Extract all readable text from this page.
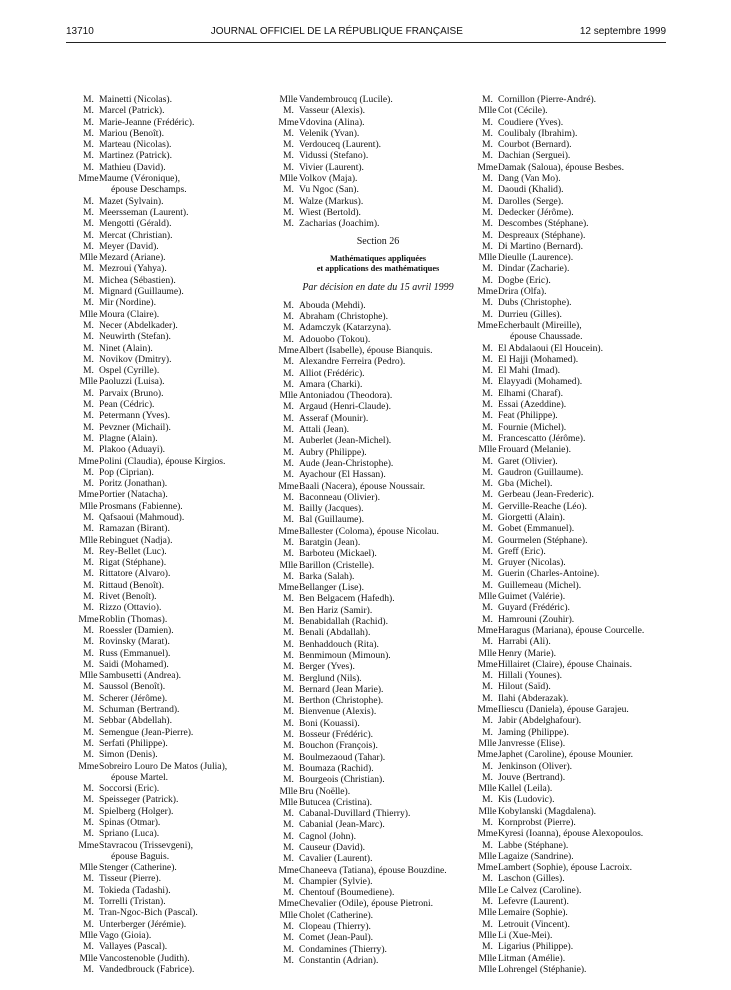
13710	JOURNAL OFFICIEL DE LA RÉPUBLIQUE FRANÇAISE	12 septembre 1999
M. Mainetti (Nicolas).
M. Marcel (Patrick).
M. Marie-Jeanne (Frédéric).
M. Mariou (Benoît).
M. Marteau (Nicolas).
M. Martinez (Patrick).
M. Mathieu (David).
Mme Maume (Véronique),
épouse Deschamps.
M. Mazet (Sylvain).
M. Meersseman (Laurent).
M. Mengotti (Gérald).
M. Mercat (Christian).
M. Meyer (David).
Mlle Mezard (Ariane).
M. Mezroui (Yahya).
M. Michea (Sébastien).
M. Mignard (Guillaume).
M. Mir (Nordine).
Mlle Moura (Claire).
M. Necer (Abdelkader).
M. Neuwirth (Stefan).
M. Ninet (Alain).
M. Novikov (Dmitry).
M. Ospel (Cyrille).
Mlle Paoluzzi (Luisa).
M. Parvaix (Bruno).
M. Pean (Cédric).
M. Petermann (Yves).
M. Pevzner (Michail).
M. Plagne (Alain).
M. Plakoo (Aduayi).
Mme Polini (Claudia), épouse Kirgios.
M. Pop (Ciprian).
M. Poritz (Jonathan).
Mme Portier (Natacha).
Mlle Prosmans (Fabienne).
M. Qafsaoui (Mahmoud).
M. Ramazan (Birant).
Mlle Rebinguet (Nadja).
M. Rey-Bellet (Luc).
M. Rigat (Stéphane).
M. Rittatore (Alvaro).
M. Rittaud (Benoît).
M. Rivet (Benoît).
M. Rizzo (Ottavio).
Mme Roblin (Thomas).
M. Roessler (Damien).
M. Rovinsky (Marat).
M. Russ (Emmanuel).
M. Saidi (Mohamed).
Mlle Sambusetti (Andrea).
M. Saussol (Benoît).
M. Scherer (Jérôme).
M. Schuman (Bertrand).
M. Sebbar (Abdellah).
M. Semengue (Jean-Pierre).
M. Serfati (Philippe).
M. Simon (Denis).
Mme Sobreiro Louro De Matos (Julia),
épouse Martel.
M. Soccorsi (Eric).
M. Speisseger (Patrick).
M. Spielberg (Holger).
M. Spinas (Otmar).
M. Spriano (Luca).
Mme Stavracou (Trissevgeni),
épouse Baguis.
Mlle Stenger (Catherine).
M. Tisseur (Pierre).
M. Tokieda (Tadashi).
M. Torrelli (Tristan).
M. Tran-Ngoc-Bich (Pascal).
M. Unterberger (Jérémie).
Mlle Vago (Gioia).
M. Vallayes (Pascal).
Mlle Vancostenoble (Judith).
M. Vandedbrouck (Fabrice).
Mlle Vandembroucq (Lucile).
M. Vasseur (Alexis).
Mme Vdovina (Alina).
M. Velenik (Yvan).
M. Verdouceq (Laurent).
M. Vidussi (Stefano).
M. Vivier (Laurent).
Mlle Volkov (Maja).
M. Vu Ngoc (San).
M. Walze (Markus).
M. Wiest (Bertold).
M. Zacharias (Joachim).
Section 26
Mathématiques appliquées
et applications des mathématiques
Par décision en date du 15 avril 1999
M. Abouda (Mehdi).
M. Abraham (Christophe).
M. Adamczyk (Katarzyna).
M. Adouobo (Tokou).
Mme Albert (Isabelle), épouse Bianquis.
M. Alexandre Ferreira (Pedro).
M. Alliot (Frédéric).
M. Amara (Charki).
Mlle Antoniadou (Theodora).
M. Argaud (Henri-Claude).
M. Asseraf (Mounir).
M. Attali (Jean).
M. Auberlet (Jean-Michel).
M. Aubry (Philippe).
M. Aude (Jean-Christophe).
M. Ayachour (El Hassan).
Mme Baali (Nacera), épouse Noussair.
M. Baconneau (Olivier).
M. Bailly (Jacques).
M. Bal (Guillaume).
Mme Ballester (Coloma), épouse Nicolau.
M. Baratgin (Jean).
M. Barboteu (Mickael).
Mlle Barillon (Cristelle).
M. Barka (Salah).
Mme Bellanger (Lise).
M. Ben Belgacem (Hafedh).
M. Ben Hariz (Samir).
M. Benabidallah (Rachid).
M. Benali (Abdallah).
M. Benhaddouch (Rita).
M. Benmimoun (Mimoun).
M. Berger (Yves).
M. Berglund (Nils).
M. Bernard (Jean Marie).
M. Berthon (Christophe).
M. Bienvenue (Alexis).
M. Boni (Kouassi).
M. Bosseur (Frédéric).
M. Bouchon (François).
M. Boulmezaoud (Tahar).
M. Boumaza (Rachid).
M. Bourgeois (Christian).
Mlle Bru (Noëlle).
Mlle Butucea (Cristina).
M. Cabanal-Duvillard (Thierry).
M. Cabanial (Jean-Marc).
M. Cagnol (John).
M. Causeur (David).
M. Cavalier (Laurent).
Mme Chaneeva (Tatiana), épouse Bouzdine.
M. Champier (Sylvie).
M. Chentouf (Boumediene).
Mme Chevalier (Odile), épouse Pietroni.
Mlle Cholet (Catherine).
M. Clopeau (Thierry).
M. Comet (Jean-Paul).
M. Condamines (Thierry).
M. Constantin (Adrian).
M. Cornillon (Pierre-André).
Mlle Cot (Cécile).
M. Coudiere (Yves).
M. Coulibaly (Ibrahim).
M. Courbot (Bernard).
M. Dachian (Serguei).
Mme Damak (Saloua), épouse Besbes.
M. Dang (Van Mo).
M. Daoudi (Khalid).
M. Darolles (Serge).
M. Dedecker (Jérôme).
M. Descombes (Stéphane).
M. Despreaux (Stéphane).
M. Di Martino (Bernard).
Mlle Dieulle (Laurence).
M. Dindar (Zacharie).
M. Dogbe (Eric).
Mme Drira (Olfa).
M. Dubs (Christophe).
M. Durrieu (Gilles).
Mme Echerbault (Mireille),
épouse Chaussade.
M. El Abdalaoui (El Houcein).
M. El Hajji (Mohamed).
M. El Mahi (Imad).
M. Elayyadi (Mohamed).
M. Elhami (Charaf).
M. Essai (Azeddine).
M. Feat (Philippe).
M. Fournie (Michel).
M. Francescatto (Jérôme).
Mlle Frouard (Melanie).
M. Garet (Olivier).
M. Gaudron (Guillaume).
M. Gba (Michel).
M. Gerbeau (Jean-Frederic).
M. Gerville-Reache (Léo).
M. Giorgetti (Alain).
M. Gobet (Emmanuel).
M. Gourmelen (Stéphane).
M. Greff (Eric).
M. Gruyer (Nicolas).
M. Guerin (Charles-Antoine).
M. Guillemeau (Michel).
Mlle Guimet (Valérie).
M. Guyard (Frédéric).
M. Hamrouni (Zouhir).
Mme Haragus (Mariana), épouse Courcelle.
M. Harrabi (Ali).
Mlle Henry (Marie).
Mme Hillairet (Claire), épouse Chainais.
M. Hillali (Younes).
M. Hilout (Saïd).
M. Ilahi (Abderazak).
Mme Iliescu (Daniela), épouse Garajeu.
M. Jabir (Abdelghafour).
M. Jaming (Philippe).
Mlle Janvresse (Elise).
Mme Japhet (Caroline), épouse Mounier.
M. Jenkinson (Oliver).
M. Jouve (Bertrand).
Mlle Kallel (Leila).
M. Kis (Ludovic).
Mlle Kobylanski (Magdalena).
M. Kornprobst (Pierre).
Mme Kyresi (Ioanna), épouse Alexopoulos.
M. Labbe (Stéphane).
Mlle Lagaize (Sandrine).
Mme Lambert (Sophie), épouse Lacroix.
M. Laschon (Gilles).
Mlle Le Calvez (Caroline).
M. Lefevre (Laurent).
Mlle Lemaire (Sophie).
M. Letrouit (Vincent).
Mlle Li (Xue-Mei).
M. Ligarius (Philippe).
Mlle Litman (Amélie).
Mlle Lohrengel (Stéphanie).
